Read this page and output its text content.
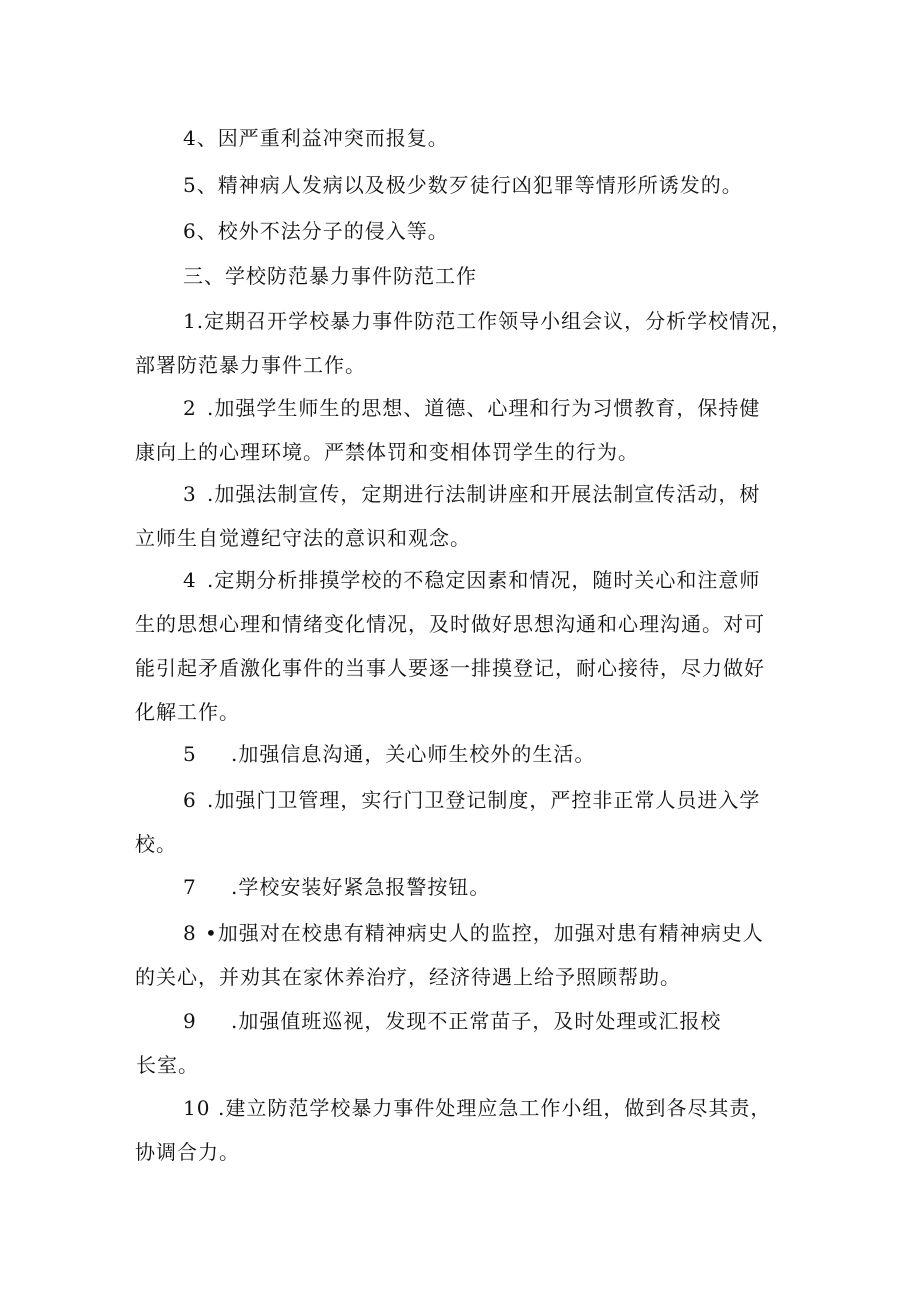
4、因严重利益冲突而报复。
5、精神病人发病以及极少数歹徒行凶犯罪等情形所诱发的。
6、校外不法分子的侵入等。
三、学校防范暴力事件防范工作
1.定期召开学校暴力事件防范工作领导小组会议，分析学校情况，
部署防范暴力事件工作。
2 .加强学生师生的思想、道德、心理和行为习惯教育，保持健
康向上的心理环境。严禁体罚和变相体罚学生的行为。
3 .加强法制宣传，定期进行法制讲座和开展法制宣传活动，树
立师生自觉遵纪守法的意识和观念。
4 .定期分析排摸学校的不稳定因素和情况，随时关心和注意师
生的思想心理和情绪变化情况，及时做好思想沟通和心理沟通。对可
能引起矛盾激化事件的当事人要逐一排摸登记，耐心接待，尽力做好
化解工作。
5 .加强信息沟通，关心师生校外的生活。
6 .加强门卫管理，实行门卫登记制度，严控非正常人员进入学
校。
7 .学校安装好紧急报警按钮。
8 •加强对在校患有精神病史人的监控，加强对患有精神病史人
的关心，并劝其在家休养治疗，经济待遇上给予照顾帮助。
9 .加强值班巡视，发现不正常苗子，及时处理或汇报校
长室。
10 .建立防范学校暴力事件处理应急工作小组，做到各尽其责，
协调合力。
